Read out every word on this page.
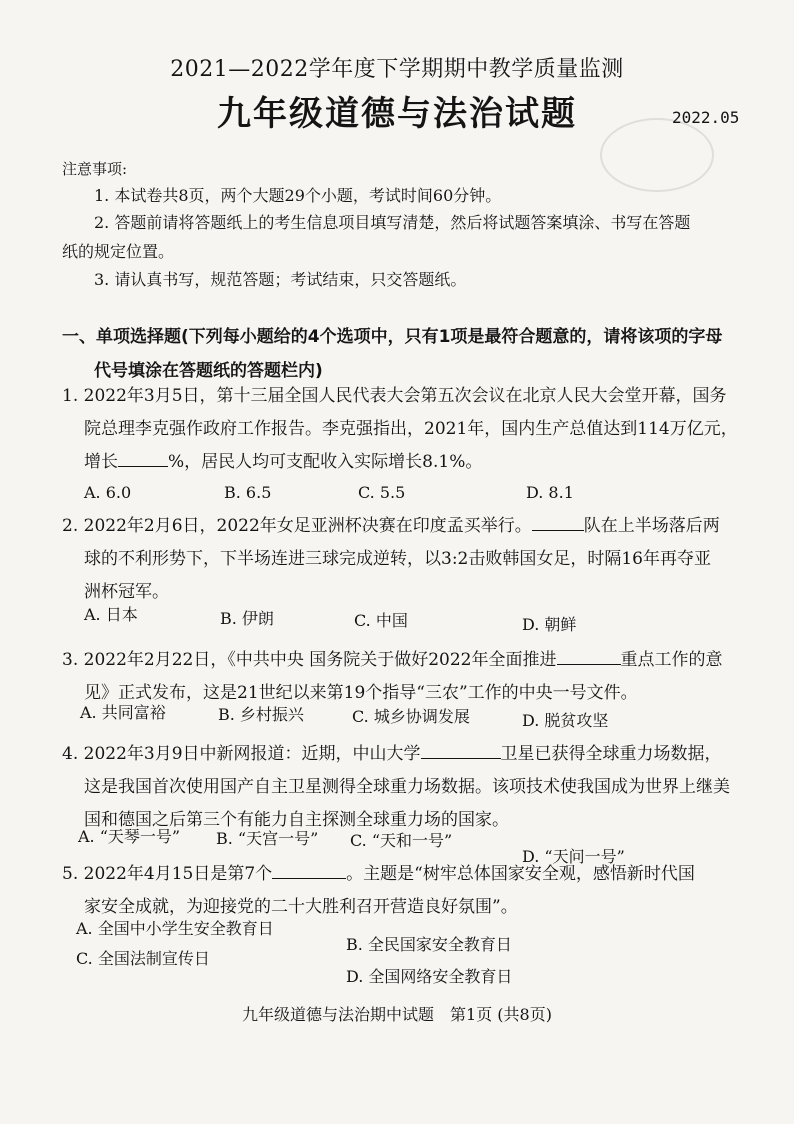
2021—2022学年度下学期期中教学质量监测
九年级道德与法治试题	2022.05
注意事项:
1. 本试卷共8页，两个大题29个小题，考试时间60分钟。
2. 答题前请将答题纸上的考生信息项目填写清楚，然后将试题答案填涂、书写在答题
纸的规定位置。
3. 请认真书写，规范答题；考试结束，只交答题纸。
一、单项选择题(下列每小题给的4个选项中，只有1项是最符合题意的，请将该项的字母
代号填涂在答题纸的答题栏内)
1. 2022年3月5日，第十三届全国人民代表大会第五次会议在北京人民大会堂开幕，国务
院总理李克强作政府工作报告。李克强指出，2021年，国内生产总值达到114万亿元，
增长	%，居民人均可支配收入实际增长8.1%。
A. 6.0	B. 6.5	C. 5.5	D. 8.1
2. 2022年2月6日，2022年女足亚洲杯决赛在印度孟买举行。	队在上半场落后两
球的不利形势下，下半场连进三球完成逆转，以3:2击败韩国女足，时隔16年再夺亚
洲杯冠军。
A. 日本	B. 伊朗	C. 中国	D. 朝鲜
3. 2022年2月22日，《中共中央 国务院关于做好2022年全面推进	重点工作的意
见》正式发布，这是21世纪以来第19个指导“三农”工作的中央一号文件。
A. 共同富裕	B. 乡村振兴	C. 城乡协调发展	D. 脱贫攻坚
4. 2022年3月9日中新网报道：近期，中山大学	卫星已获得全球重力场数据，
这是我国首次使用国产自主卫星测得全球重力场数据。该项技术使我国成为世界上继美
国和德国之后第三个有能力自主探测全球重力场的国家。
A. “天琴一号” B. “天宫一号” C. “天和一号”
D. “天问一号”
5. 2022年4月15日是第7个	。主题是“树牢总体国家安全观，感悟新时代国
家安全成就，为迎接党的二十大胜利召开营造良好氛围”。
A. 全国中小学生安全教育日
B. 全民国家安全教育日
C. 全国法制宣传日
D. 全国网络安全教育日
九年级道德与法治期中试题　第1页 (共8页)
